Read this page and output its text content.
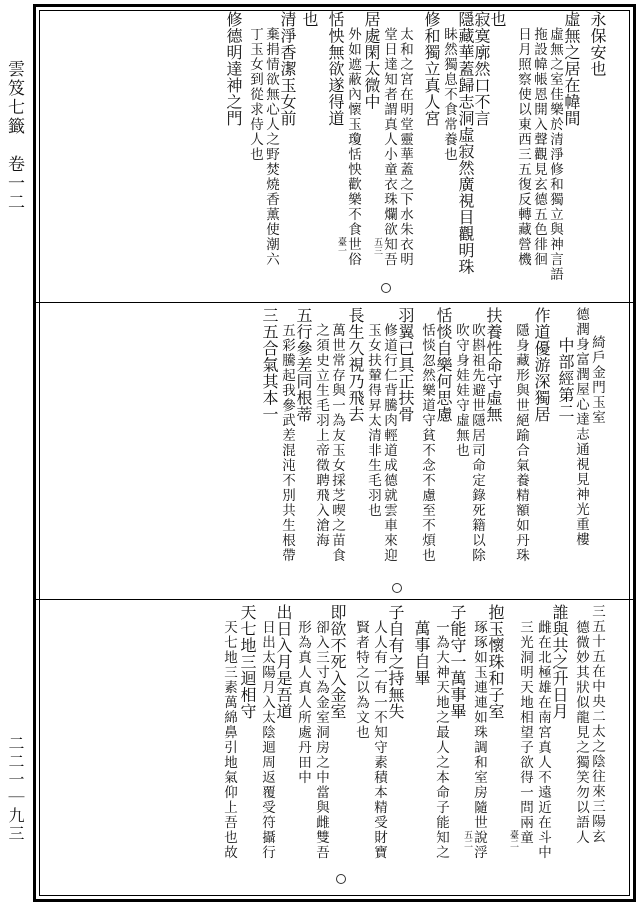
雲笈七籤　卷一二
二二一｜九三
永保安也
虛無之居在幃間
虛無之室佳樂於清淨修和獨立與神言語
拖設幃帳恩開入聲觀見玄德五色徘徊
日月照察使以東西三五復反轉藏營機
也
寂寞廓然口不言
隱藏華蓋歸志洞虛寂然廣視目觀明珠
眛然獨息不食常養也
修和獨立真人宮
太和之宮在明堂靈華蓋之下水朱衣明
堂日達知者謂真人小童衣珠爛欲知吾
居處閑太微中
外如遮蔽內懷玉瓊恬怏歡樂不食世俗
恬怏無欲遂得道
也
清淨香潔玉女前
棄捐情欲無心人之野焚燒香薰使潮六
丁玉女到從求侍人也
修德明達神之門
臺一	五三
綺戶金門玉室
德潤身富潤屋心達志通視見神光重樓
中部經第二
作道優游深獨居
隱身藏形與世絕踰合氣養精額如丹珠
扶養性命守虛無
吹斟祖先避世隱居司命定錄死籍以除
吹守身娃娃守虛無也
恬惔自樂何思慮
恬惔忽然樂道守貧不念不慮至不煩也
羽翼已具正扶骨
修道行仁背騰肉輕道成德就雲車來迎
玉女扶輦得昇太清非生毛羽也
長生久視乃飛去
萬世常存與一為友玉女採芝喫之苗食
之須史立生毛羽上帝徵聘飛入滄海
五行參差同根蒂
五彩騰起我參武差混沌不別共生根帶
三五合氣其本一
三五十五在中央二太之陰往來三陽玄
德微妙其狀似龍見之獨笑勿以語人
誰與共之升日月
雌在北極雄在南宮真人不遠近在斗中
三光洞明天地相望子欲得一問兩童
抱玉懷珠和子室
琢琢如玉連連如珠調和室房隨世說浮
子能守一萬事畢
一為大神天地之最人之本命子能知之
萬事自畢
子自有之持無失
人人有一有一不知守素積本精受財寶
賢者特之以為文也
即欲不死入金室
卻入三寸為金室洞房之中當與雌雙吾
形為真人真人所處丹田中
出日入月是吾道
日出太陽月入太陰迴周返覆受符攝行
天七地三迴相守
天七地三素萬綿鼻引地氣仰上吾也故	臺二
五二
